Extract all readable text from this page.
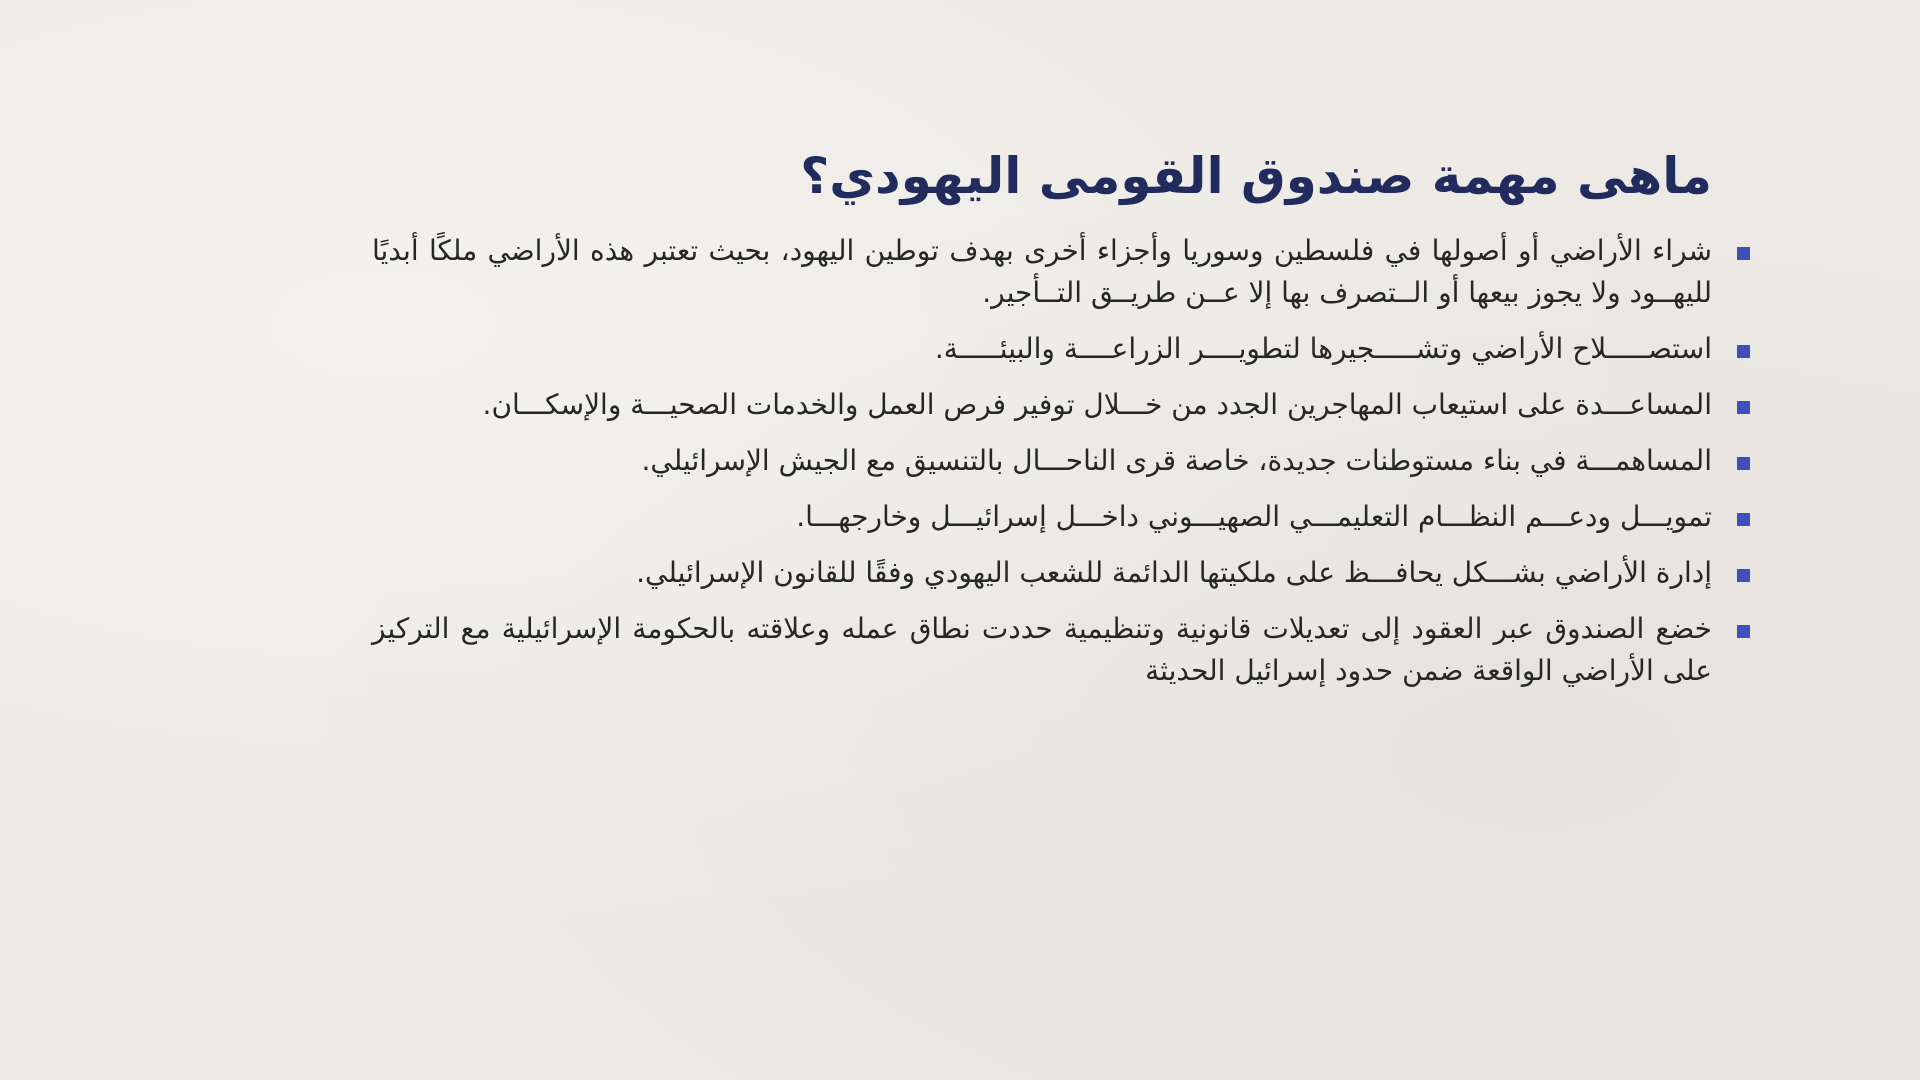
ماهى مهمة صندوق القومى اليهودي؟
شراء الأراضي أو أصولها في فلسطين وسوريا وأجزاء أخرى بهدف توطين اليهود، بحيث تعتبر هذه الأراضي ملكًا أبديًا لليهــود ولا يجوز بيعها أو الــتصرف بها إلا عــن طريــق التــأجير.
استصـــــلاح الأراضي وتشـــــجيرها لتطويــــر الزراعــــة والبيئـــــة.
المساعـــدة على استيعاب المهاجرين الجدد من خـــلال توفير فرص العمل والخدمات الصحيـــة والإسكـــان.
المساهمـــة في بناء مستوطنات جديدة، خاصة قرى الناحـــال بالتنسيق مع الجيش الإسرائيلي.
تمويـــل ودعـــم النظـــام التعليمـــي الصهيـــوني داخـــل إسرائيـــل وخارجهـــا.
إدارة الأراضي بشـــكل يحافـــظ على ملكيتها الدائمة للشعب اليهودي وفقًا للقانون الإسرائيلي.
خضع الصندوق عبر العقود إلى تعديلات قانونية وتنظيمية حددت نطاق عمله وعلاقته بالحكومة الإسرائيلية مع التركيز على الأراضي الواقعة ضمن حدود إسرائيل الحديثة
